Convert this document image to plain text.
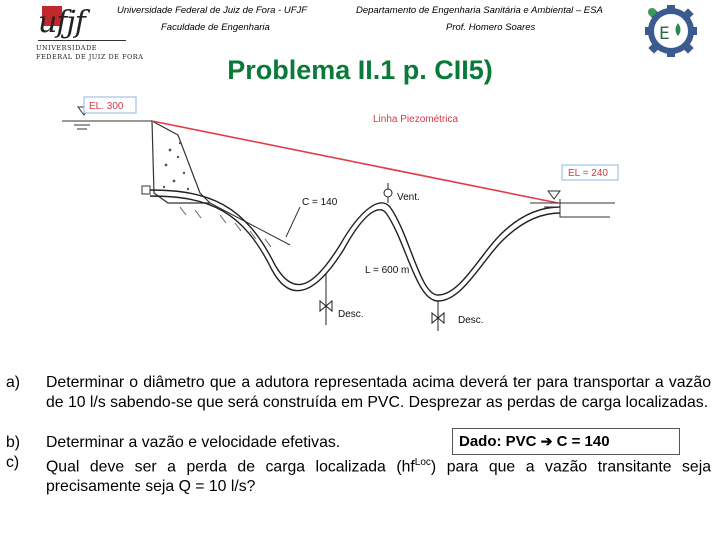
ufjf
UNIVERSIDADE
FEDERAL DE JUIZ DE FORA
Universidade Federal de Juiz de Fora - UFJF	Departamento de Engenharia Sanitária e Ambiental – ESA
Faculdade de Engenharia	Prof. Homero Soares	E
Problema II.1 p. CII5)
EL. 300
Linha Piezométrica
EL = 240
C = 140	Vent.
L = 600 m
Desc.
Desc.
a) Determinar o diâmetro que a adutora representada acima deverá ter para transportar a vazão de 10 l/s sabendo-se que será construída em PVC. Desprezar as perdas de carga localizadas.
b) Determinar a vazão e velocidade efetivas.
c) Qual deve ser a perda de carga localizada $(hf^{Loc})$ para que a vazão transitante seja precisamente seja Q = 10 l/s?
Dado: PVC ➔ C = 140
